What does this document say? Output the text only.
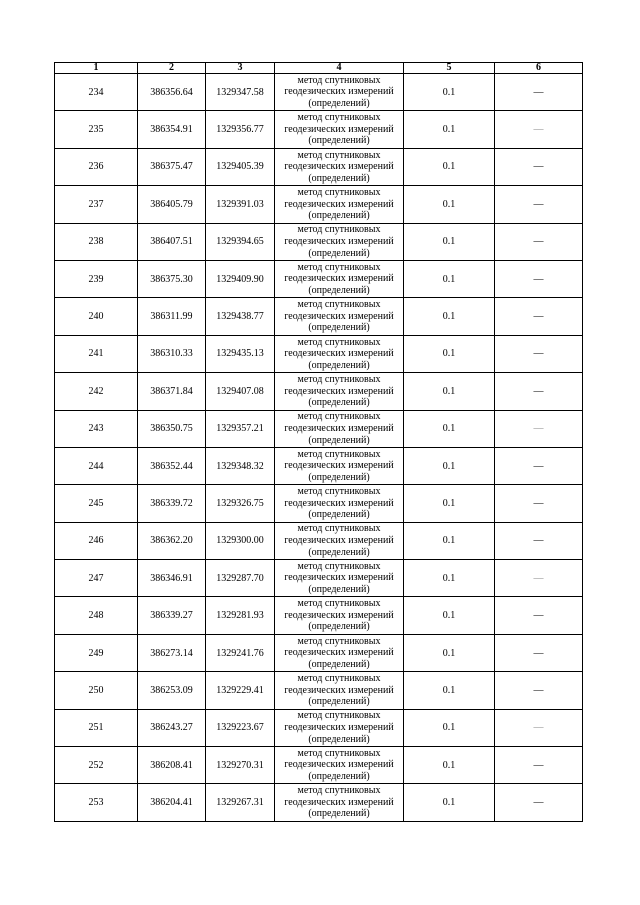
1	2	3	4	5	6
234	386356.64	1329347.58	метод спутниковых
геодезических измерений
(определений)	0.1	—
235	386354.91	1329356.77	метод спутниковых
геодезических измерений
(определений)	0.1	—
236	386375.47	1329405.39	метод спутниковых
геодезических измерений
(определений)	0.1	—
237	386405.79	1329391.03	метод спутниковых
геодезических измерений
(определений)	0.1	—
238	386407.51	1329394.65	метод спутниковых
геодезических измерений
(определений)	0.1	—
239	386375.30	1329409.90	метод спутниковых
геодезических измерений
(определений)	0.1	—
240	386311.99	1329438.77	метод спутниковых
геодезических измерений
(определений)	0.1	—
241	386310.33	1329435.13	метод спутниковых
геодезических измерений
(определений)	0.1	—
242	386371.84	1329407.08	метод спутниковых
геодезических измерений
(определений)	0.1	—
243	386350.75	1329357.21	метод спутниковых
геодезических измерений
(определений)	0.1	—
244	386352.44	1329348.32	метод спутниковых
геодезических измерений
(определений)	0.1	—
245	386339.72	1329326.75	метод спутниковых
геодезических измерений
(определений)	0.1	—
246	386362.20	1329300.00	метод спутниковых
геодезических измерений
(определений)	0.1	—
247	386346.91	1329287.70	метод спутниковых
геодезических измерений
(определений)	0.1	—
248	386339.27	1329281.93	метод спутниковых
геодезических измерений
(определений)	0.1	—
249	386273.14	1329241.76	метод спутниковых
геодезических измерений
(определений)	0.1	—
250	386253.09	1329229.41	метод спутниковых
геодезических измерений
(определений)	0.1	—
251	386243.27	1329223.67	метод спутниковых
геодезических измерений
(определений)	0.1	—
252	386208.41	1329270.31	метод спутниковых
геодезических измерений
(определений)	0.1	—
253	386204.41	1329267.31	метод спутниковых
геодезических измерений
(определений)	0.1	—
